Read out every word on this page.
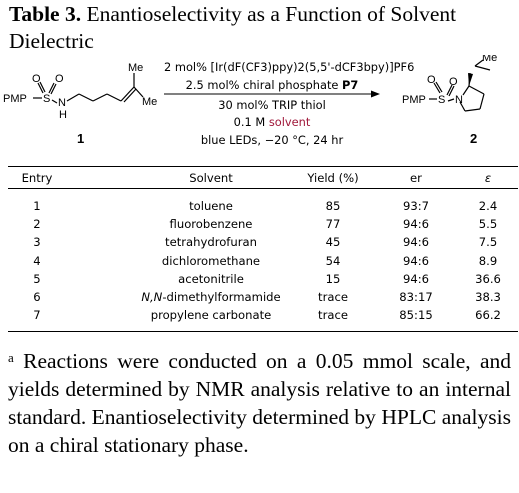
Table 3. Enantioselectivity as a Function of Solvent Dielectric
PMP S
O O
N
H
Me
Me	PMP S
O O
N
Me
2 mol% [Ir(dF(CF3)ppy)2(5,5'-dCF3bpy)]PF6
2.5 mol% chiral phosphate P7
30 mol% TRIP thiol
0.1 M solvent
blue LEDs, −20 °C, 24 hr
1	2
Entry	Solvent	Yield (%)	er	ε
1	toluene	85	93:7	2.4
2	fluorobenzene	77	94:6	5.5
3	tetrahydrofuran	45	94:6	7.5
4	dichloromethane	54	94:6	8.9
5	acetonitrile	15	94:6	36.6
6	N,N-dimethylformamide	trace	83:17	38.3
7	propylene carbonate	trace	85:15	66.2
$^a$ Reactions were conducted on a 0.05 mmol scale, and yields determined by NMR analysis relative to an internal standard. Enantioselectivity determined by HPLC analysis on a chiral stationary phase.
